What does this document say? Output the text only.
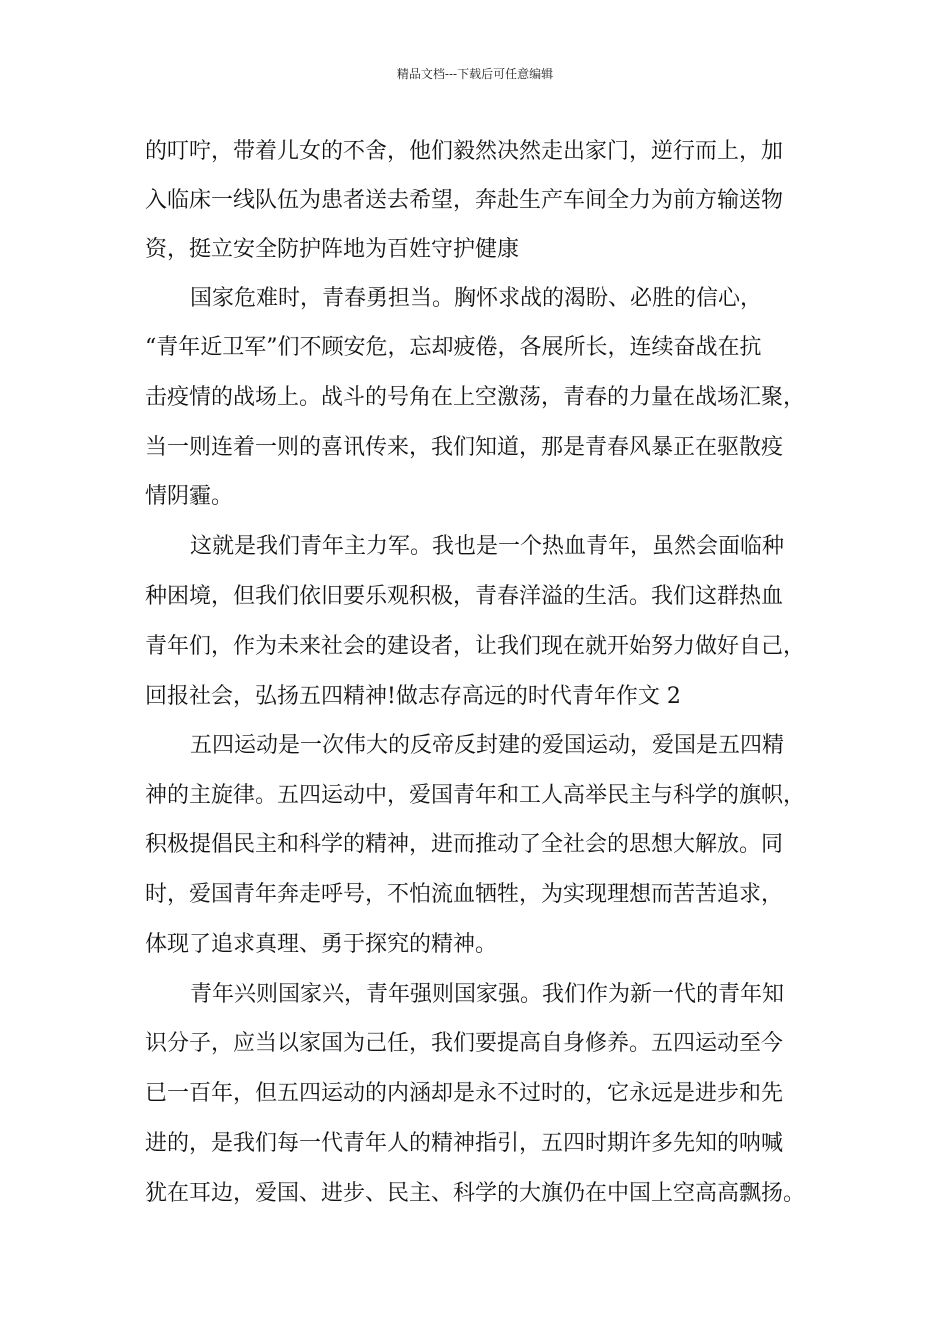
精品文档---下载后可任意编辑
的叮咛，带着儿女的不舍，他们毅然决然走出家门，逆行而上，加
入临床一线队伍为患者送去希望，奔赴生产车间全力为前方输送物
资，挺立安全防护阵地为百姓守护健康
国家危难时，青春勇担当。胸怀求战的渴盼、必胜的信心，
“青年近卫军”们不顾安危，忘却疲倦，各展所长，连续奋战在抗
击疫情的战场上。战斗的号角在上空激荡，青春的力量在战场汇聚，
当一则连着一则的喜讯传来，我们知道，那是青春风暴正在驱散疫
情阴霾。
这就是我们青年主力军。我也是一个热血青年，虽然会面临种
种困境，但我们依旧要乐观积极，青春洋溢的生活。我们这群热血
青年们，作为未来社会的建设者，让我们现在就开始努力做好自己，
回报社会，弘扬五四精神!做志存高远的时代青年作文 2
五四运动是一次伟大的反帝反封建的爱国运动，爱国是五四精
神的主旋律。五四运动中，爱国青年和工人高举民主与科学的旗帜，
积极提倡民主和科学的精神，进而推动了全社会的思想大解放。同
时，爱国青年奔走呼号，不怕流血牺牲，为实现理想而苦苦追求，
体现了追求真理、勇于探究的精神。
青年兴则国家兴，青年强则国家强。我们作为新一代的青年知
识分子，应当以家国为己任，我们要提高自身修养。五四运动至今
已一百年，但五四运动的内涵却是永不过时的，它永远是进步和先
进的，是我们每一代青年人的精神指引，五四时期许多先知的呐喊
犹在耳边，爱国、进步、民主、科学的大旗仍在中国上空高高飘扬。
